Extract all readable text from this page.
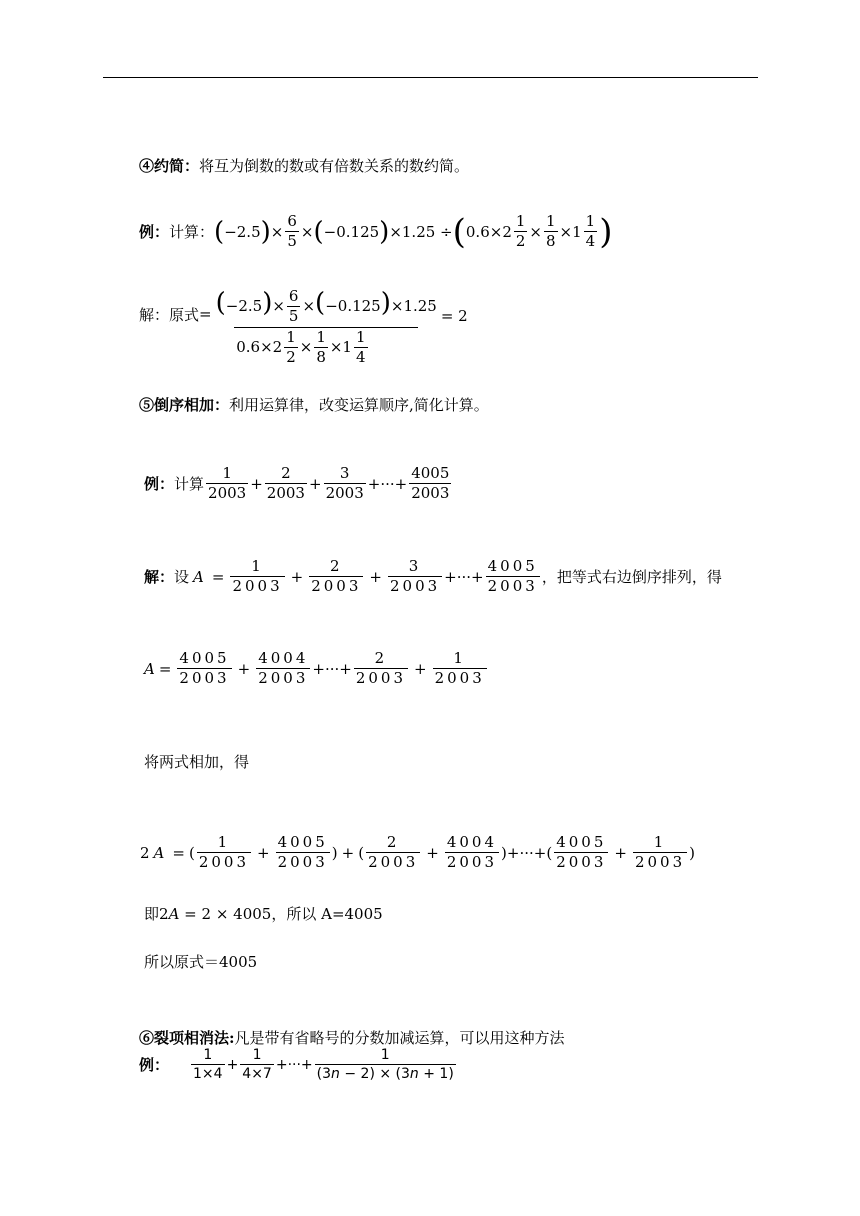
④约简： 将互为倒数的数或有倍数关系的数约简。
例： 计算： ( −2.5 ) × $\frac{6}{5}$ × ( −0.125 ) ×1.25 ÷ ( $0.6\times 2 \frac{1}{2} \times \frac{1}{8} \times 1 \frac{1}{4}$ )
解：原式 = $\frac{(-2.5)\times \frac{6}{5} \times(-0.125)\times 1.25}{0.6\times 2 \frac{1}{2} \times \frac{1}{8} \times 1 \frac{1}{4}} = 2$
⑤倒序相加： 利用运算律，改变运算顺序,简化计算。
例： 计算 $\frac{1}{2003} + \frac{2}{2003} + \frac{3}{2003}$ +···+ $\frac{4005}{2003}$
解： 设 $A = \frac{1}{2003} + \frac{2}{2003} + \frac{3}{2003}$ +···+ $\frac{4005}{2003}$ ，把等式右边倒序排列，得
$A = \frac{4005}{2003} + \frac{4004}{2003}$ +···+ $\frac{2}{2003} + \frac{1}{2003}$
将两式相加，得
2 A = ( $\frac{1}{2003} + \frac{4005}{2003}$ ) + ( $\frac{2}{2003} + \frac{4004}{2003}$ )+···+( $\frac{4005}{2003} + \frac{1}{2003}$ )
即 2 A = 2 × 4005 ，所以 A=4005
所以原式＝4005
⑥裂项相消法: 凡是带有省略号的分数加减运算，可以用这种方法
例： $\frac{1}{1\times 4} + \frac{1}{4\times 7}$ +···+ $\frac{1}{(3n - 2) \times (3n + 1)}$
